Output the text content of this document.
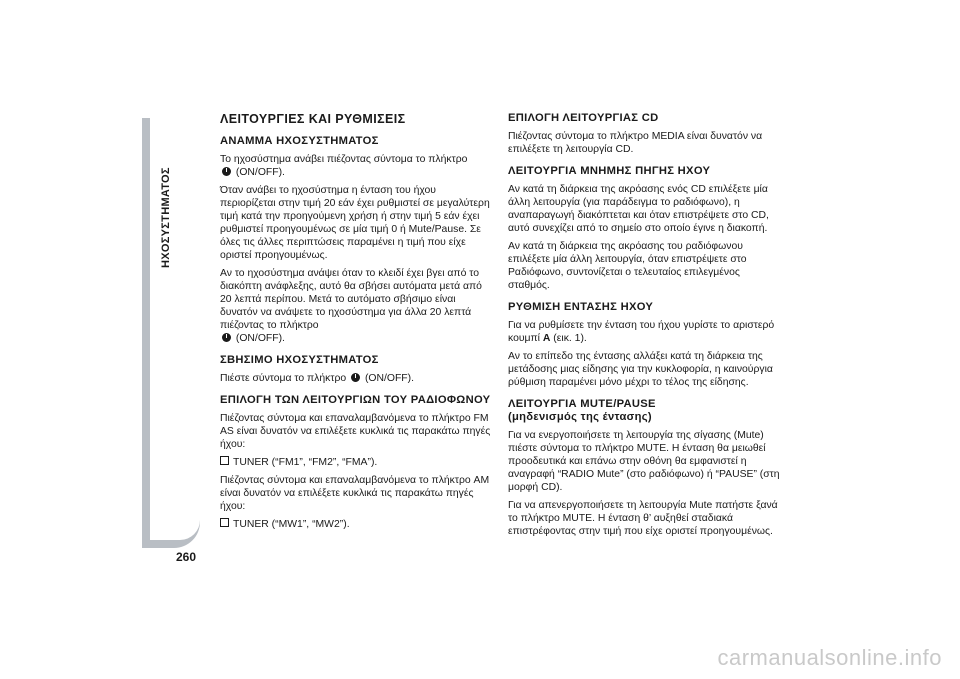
ΗΧΟΣΥΣΤΗΜΑΤΟΣ
260
ΛΕΙΤΟΥΡΓΙΕΣ ΚΑΙ ΡΥΘΜΙΣΕΙΣ
ΑΝΑΜΜΑ ΗΧΟΣΥΣΤΗΜΑΤΟΣ

Το ηχοσύστημα ανάβει πιέζοντας σύντομα το πλήκτρο
(ON/OFF).

Όταν ανάβει το ηχοσύστημα η ένταση του ήχου περιορίζεται στην τιμή 20 εάν έχει ρυθμιστεί σε μεγαλύτερη τιμή κατά την προηγούμενη χρήση ή στην τιμή 5 εάν έχει ρυθμιστεί προηγουμένως σε μία τιμή 0 ή Mute/Pause. Σε όλες τις άλλες περιπτώσεις παραμένει η τιμή που είχε οριστεί προηγουμένως.

Αν το ηχοσύστημα ανάψει όταν το κλειδί έχει βγει από το διακόπτη ανάφλεξης, αυτό θα σβήσει αυτόματα μετά από 20 λεπτά περίπου. Μετά το αυτόματο σβήσιμο είναι δυνατόν να ανάψετε το ηχοσύστημα για άλλα 20 λεπτά πιέζοντας το πλήκτρο
(ON/OFF).

ΣΒΗΣΙΜΟ ΗΧΟΣΥΣΤΗΜΑΤΟΣ

Πιέστε σύντομα το πλήκτρο (ON/OFF).

ΕΠΙΛΟΓΗ ΤΩΝ ΛΕΙΤΟΥΡΓΙΩΝ ΤΟΥ ΡΑΔΙΟΦΩΝΟΥ

Πιέζοντας σύντομα και επαναλαμβανόμενα το πλήκτρο FM AS είναι δυνατόν να επιλέξετε κυκλικά τις παρακάτω πηγές ήχου:

TUNER (“FM1”, “FM2”, “FMA”).

Πιέζοντας σύντομα και επαναλαμβανόμενα το πλήκτρο AM είναι δυνατόν να επιλέξετε κυκλικά τις παρακάτω πηγές ήχου:

TUNER (“MW1”, “MW2”).

ΕΠΙΛΟΓΗ ΛΕΙΤΟΥΡΓΙΑΣ CD

Πιέζοντας σύντομα το πλήκτρο MEDIA είναι δυνατόν να επιλέξετε τη λειτουργία CD.

ΛΕΙΤΟΥΡΓΙΑ ΜΝΗΜΗΣ ΠΗΓΗΣ ΗΧΟΥ

Αν κατά τη διάρκεια της ακρόασης ενός CD επιλέξετε μία άλλη λειτουργία (για παράδειγμα το ραδιόφωνο), η αναπαραγωγή διακόπτεται και όταν επιστρέψετε στο CD, αυτό συνεχίζει από το σημείο στο οποίο έγινε η διακοπή.

Αν κατά τη διάρκεια της ακρόασης του ραδιόφωνου επιλέξετε μία άλλη λειτουργία, όταν επιστρέψετε στο Ραδιόφωνο, συντονίζεται ο τελευταίος επιλεγμένος σταθμός.

ΡΥΘΜΙΣΗ ΕΝΤΑΣΗΣ ΗΧΟΥ

Για να ρυθμίσετε την ένταση του ήχου γυρίστε το αριστερό κουμπί A (εικ. 1).

Αν το επίπεδο της έντασης αλλάξει κατά τη διάρκεια της μετάδοσης μιας είδησης για την κυκλοφορία, η καινούργια ρύθμιση παραμένει μόνο μέχρι το τέλος της είδησης.

ΛΕΙΤΟΥΡΓΙΑ MUTE/PAUSE
(μηδενισμός της έντασης)

Για να ενεργοποιήσετε τη λειτουργία της σίγασης (Mute) πιέστε σύντομα το πλήκτρο MUTE. Η ένταση θα μειωθεί προοδευτικά και επάνω στην οθόνη θα εμφανιστεί η αναγραφή “RADIO Mute” (στο ραδιόφωνο) ή “PAUSE” (στη μορφή CD).

Για να απενεργοποιήσετε τη λειτουργία Mute πατήστε ξανά το πλήκτρο MUTE. Η ένταση θ’ αυξηθεί σταδιακά επιστρέφοντας στην τιμή που είχε οριστεί προηγουμένως.

carmanualsonline.info
